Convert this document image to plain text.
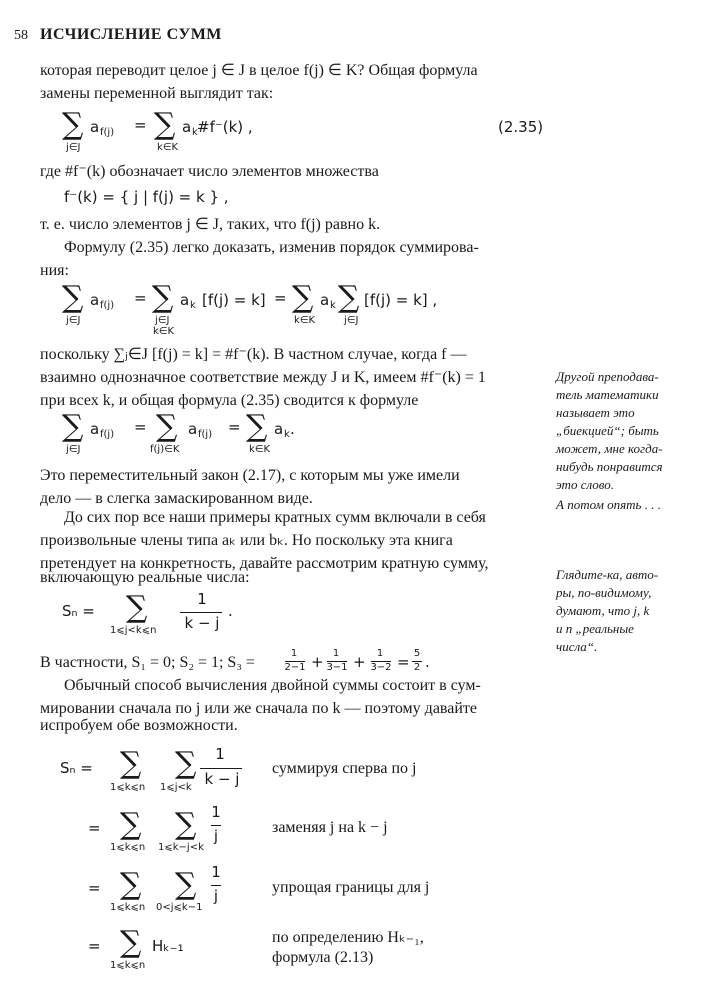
58 ИСЧИСЛЕНИЕ СУММ
которая переводит целое j ∈ J в целое f(j) ∈ K? Общая формула
замены переменной выглядит так:
∑
j∈J
a f(j) = ∑
k∈K
a k #f⁻(k) ,	(2.35)
где #f⁻(k) обозначает число элементов множества
f⁻(k) = { j | f(j) = k } ,
т. е. число элементов j ∈ J, таких, что f(j) равно k.
Формулу (2.35) легко доказать, изменив порядок суммирова-
ния:
∑
j∈J
a f(j) = ∑
j∈J
k∈K
a k [f(j) = k] = ∑
k∈K
a k ∑
j∈J
[f(j) = k] ,
поскольку ∑ⱼ∈J [f(j) = k] = #f⁻(k). В частном случае, когда f —
взаимно однозначное соответствие между J и K, имеем #f⁻(k) = 1
при всех k, и общая формула (2.35) сводится к формуле
∑
j∈J
a f(j) = ∑
f(j)∈K
a f(j) = ∑
k∈K
a k .
Это переместительный закон (2.17), с которым мы уже имели
дело — в слегка замаскированном виде.
До сих пор все наши примеры кратных сумм включали в себя
произвольные члены типа aₖ или bₖ. Но поскольку эта книга
претендует на конкретность, давайте рассмотрим кратную сумму,
включающую реальные числа:
Sₙ = ∑
1⩽j<k⩽n
1
k − j
.
В частности, S₁ = 0; S₂ = 1; S₃ =
1
2−1 + 1
3−1 +	1
3−2 = 5
2 .
Обычный способ вычисления двойной суммы состоит в сум-
мировании сначала по j или же сначала по k — поэтому давайте
испробуем обе возможности.
Sₙ = ∑
1⩽k⩽n
∑
1⩽j<k
1
k − j
суммируя сперва по j
= ∑
1⩽k⩽n
∑
1⩽k−j<k
1
j	заменяя j на k − j
= ∑
1⩽k⩽n
∑
0<j⩽k−1
1
j	упрощая границы для j
= ∑
1⩽k⩽n
Hₖ₋₁	по определению Hₖ₋₁,
формула (2.13)
Другой преподава-
тель математики
называет это
„биекцией“; быть
может, мне когда-
нибудь понравится
это слово.
А потом опять . . .
Глядите-ка, авто-
ры, по-видимому,
думают, что j, k
и n „реальные
числа“.
